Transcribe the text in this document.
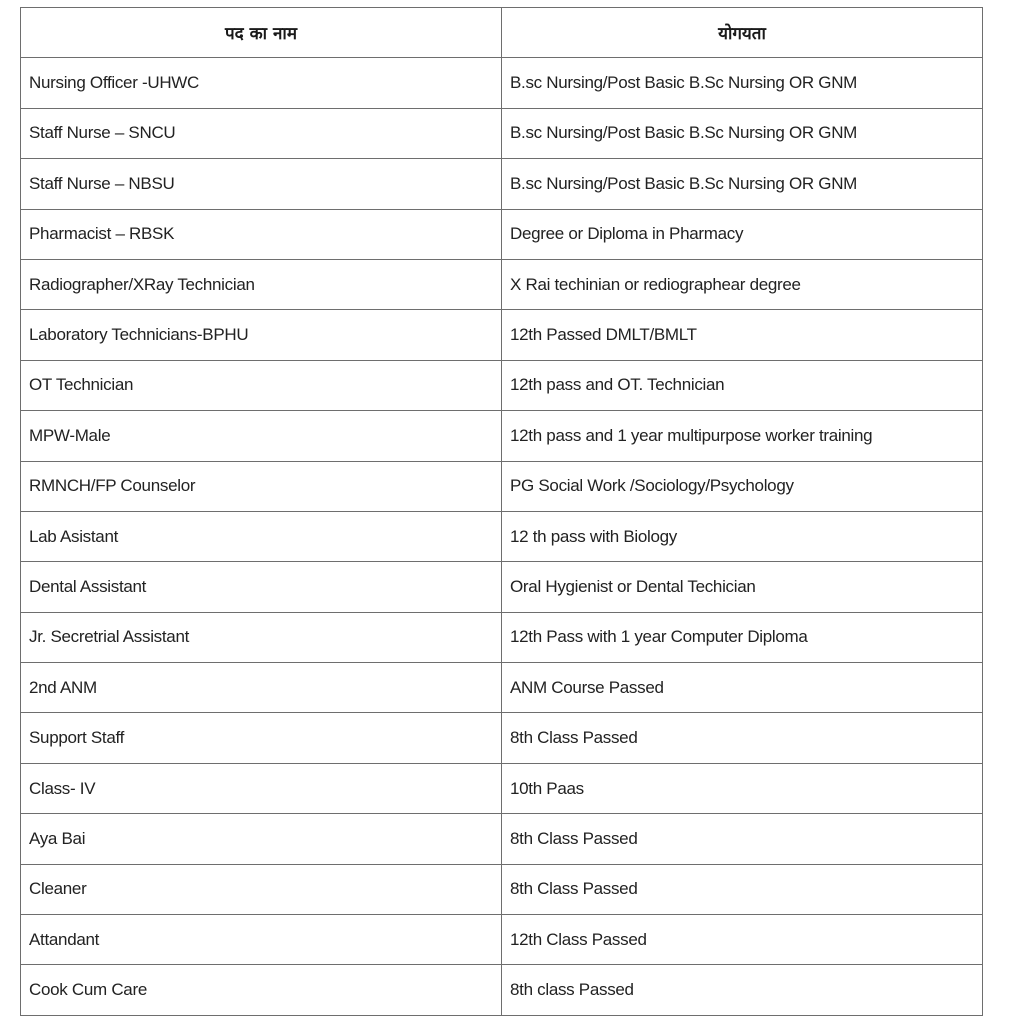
पद का नाम	योगयता
Nursing Officer -UHWC	B.sc Nursing/Post Basic B.Sc Nursing OR GNM
Staff Nurse – SNCU	B.sc Nursing/Post Basic B.Sc Nursing OR GNM
Staff Nurse – NBSU	B.sc Nursing/Post Basic B.Sc Nursing OR GNM
Pharmacist – RBSK	Degree or Diploma in Pharmacy
Radiographer/XRay Technician	X Rai techinian or rediographear degree
Laboratory Technicians-BPHU	12th Passed DMLT/BMLT
OT Technician	12th pass and OT. Technician
MPW-Male	12th pass and 1 year multipurpose worker training
RMNCH/FP Counselor	PG Social Work /Sociology/Psychology
Lab Asistant	12 th pass with Biology
Dental Assistant	Oral Hygienist or Dental Techician
Jr. Secretrial Assistant	12th Pass with 1 year Computer Diploma
2nd ANM	ANM Course Passed
Support Staff	8th Class Passed
Class- IV	10th Paas
Aya Bai	8th Class Passed
Cleaner	8th Class Passed
Attandant	12th Class Passed
Cook Cum Care	8th class Passed
